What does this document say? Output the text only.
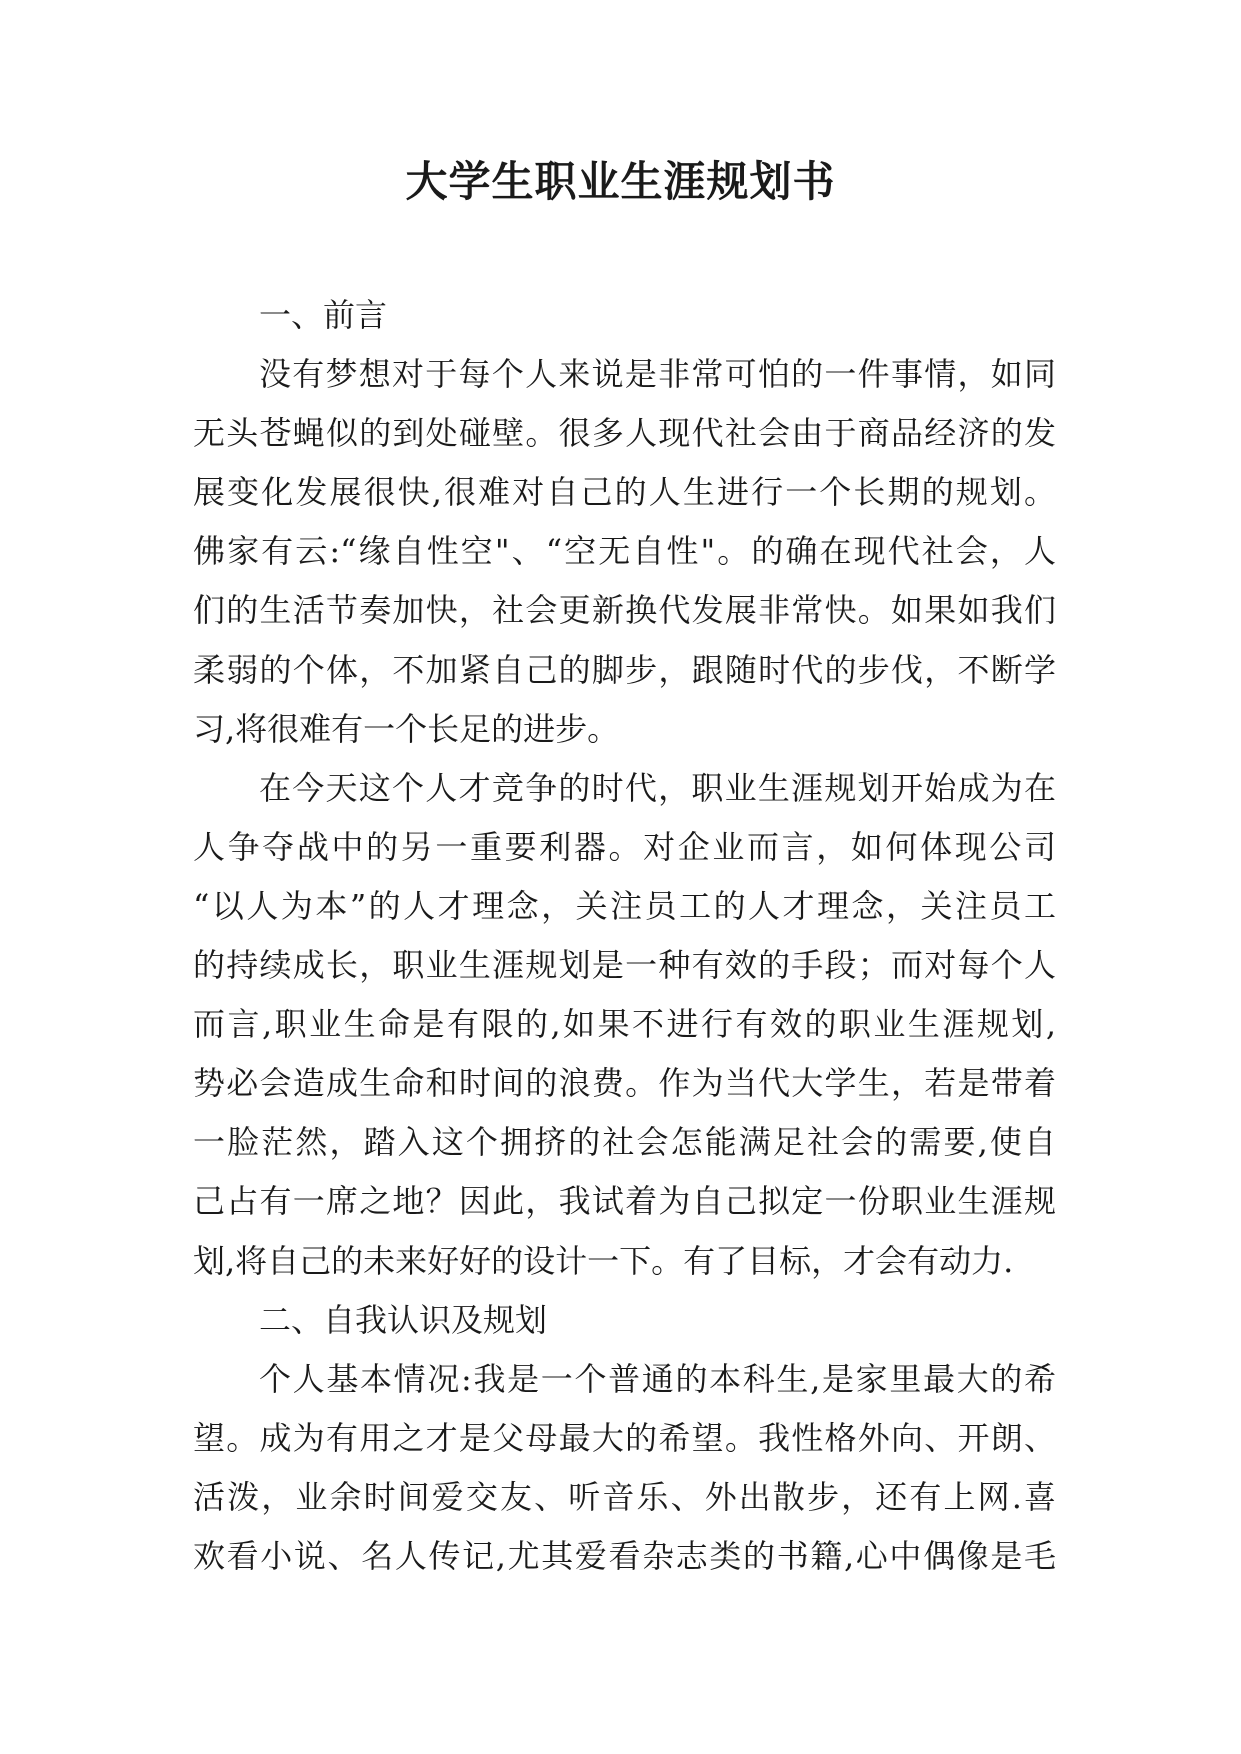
大学生职业生涯规划书
一、前言
没有梦想对于每个人来说是非常可怕的一件事情，如同
无头苍蝇似的到处碰壁。很多人现代社会由于商品经济的发
展变化发展很快,很难对自己的人生进行一个长期的规划。
佛家有云:“缘自性空"、“空无自性"。的确在现代社会，人
们的生活节奏加快，社会更新换代发展非常快。如果如我们
柔弱的个体，不加紧自己的脚步，跟随时代的步伐，不断学
习,将很难有一个长足的进步。
在今天这个人才竞争的时代，职业生涯规划开始成为在
人争夺战中的另一重要利器。对企业而言，如何体现公司
“以人为本”的人才理念，关注员工的人才理念，关注员工
的持续成长，职业生涯规划是一种有效的手段；而对每个人
而言,职业生命是有限的,如果不进行有效的职业生涯规划,
势必会造成生命和时间的浪费。作为当代大学生，若是带着
一脸茫然，踏入这个拥挤的社会怎能满足社会的需要,使自
己占有一席之地？因此，我试着为自己拟定一份职业生涯规
划,将自己的未来好好的设计一下。有了目标，才会有动力.
二、自我认识及规划
个人基本情况:我是一个普通的本科生,是家里最大的希
望。成为有用之才是父母最大的希望。我性格外向、开朗、
活泼，业余时间爱交友、听音乐、外出散步，还有上网.喜
欢看小说、名人传记,尤其爱看杂志类的书籍,心中偶像是毛
